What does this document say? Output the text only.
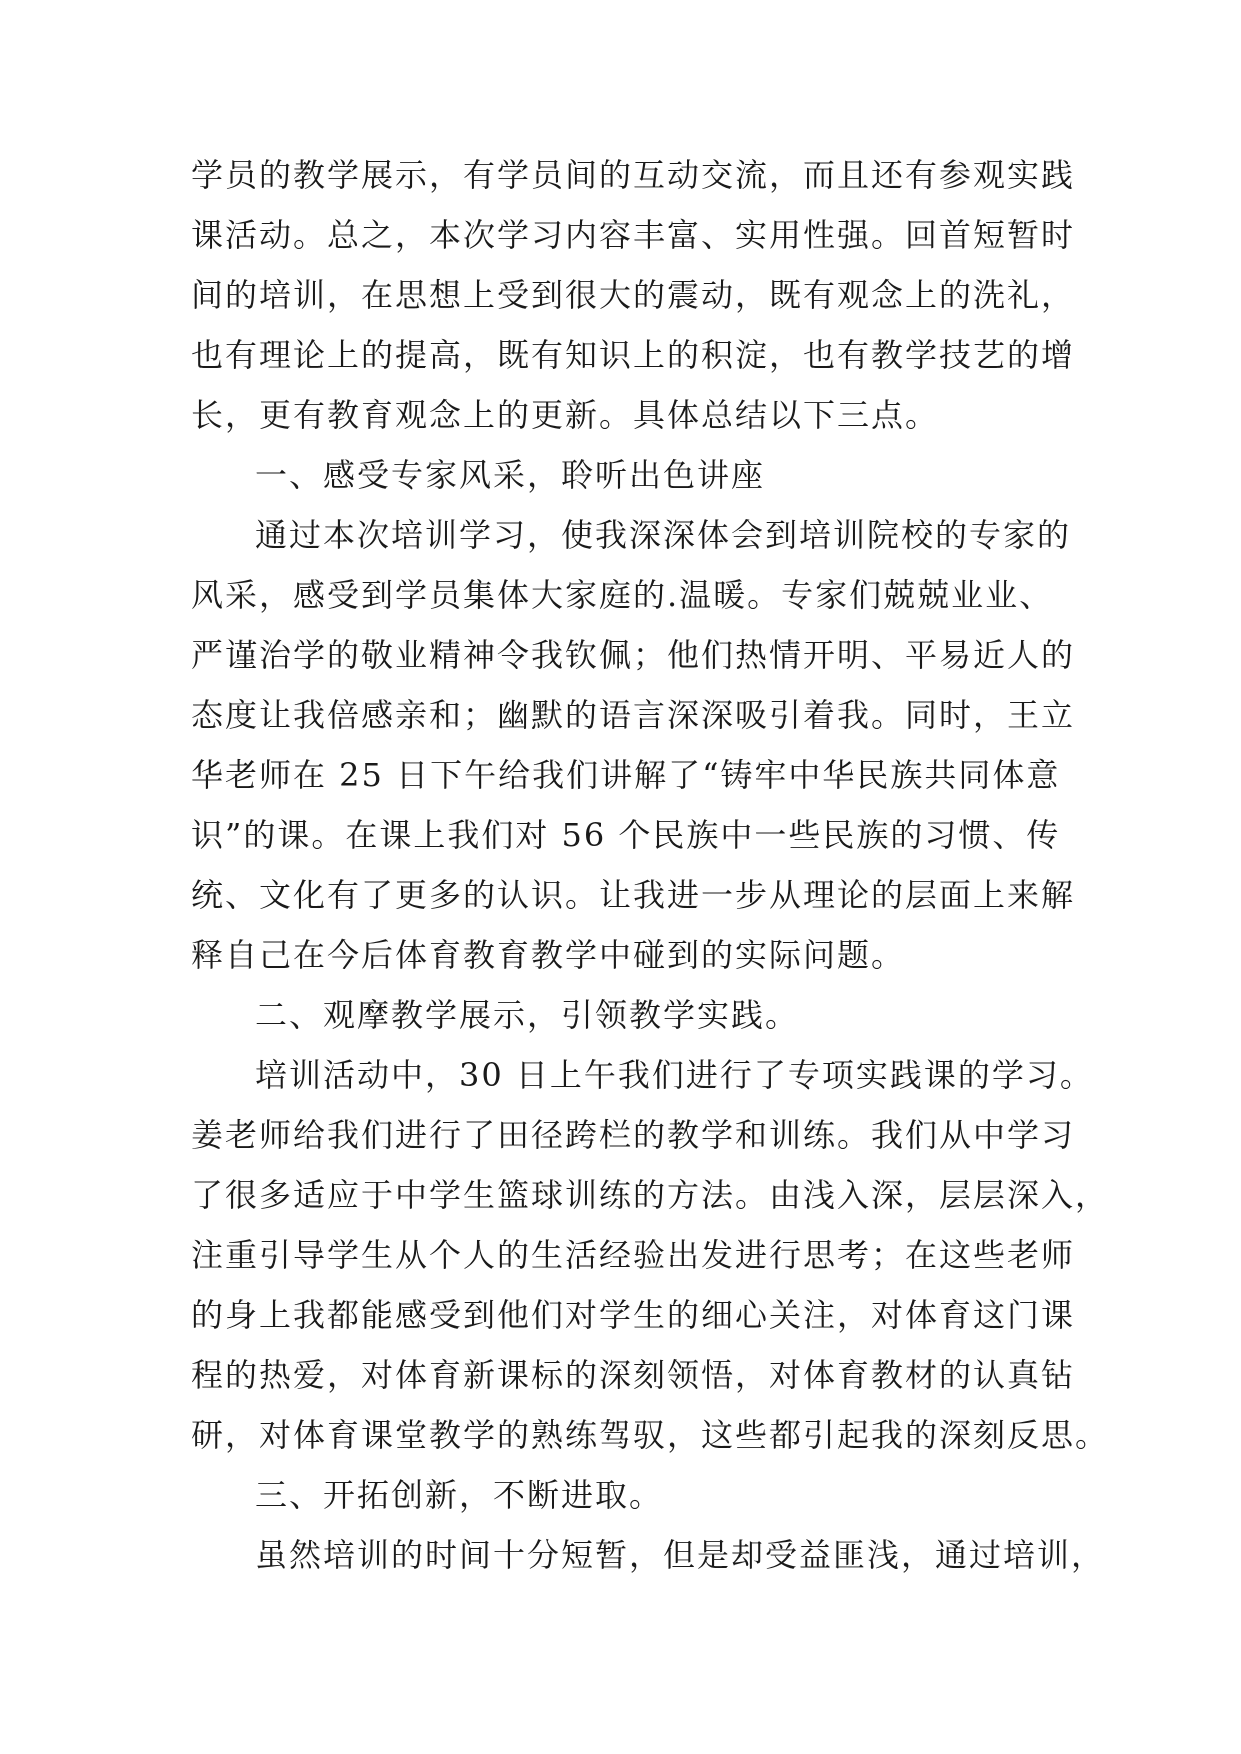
学员的教学展示，有学员间的互动交流，而且还有参观实践
课活动。总之，本次学习内容丰富、实用性强。回首短暂时
间的培训，在思想上受到很大的震动，既有观念上的洗礼，
也有理论上的提高，既有知识上的积淀，也有教学技艺的增
长，更有教育观念上的更新。具体总结以下三点。
一、感受专家风采，聆听出色讲座
通过本次培训学习，使我深深体会到培训院校的专家的
风采，感受到学员集体大家庭的.温暖。专家们兢兢业业、
严谨治学的敬业精神令我钦佩；他们热情开明、平易近人的
态度让我倍感亲和；幽默的语言深深吸引着我。同时，王立
华老师在 25 日下午给我们讲解了“铸牢中华民族共同体意
识”的课。在课上我们对 56 个民族中一些民族的习惯、传
统、文化有了更多的认识。让我进一步从理论的层面上来解
释自己在今后体育教育教学中碰到的实际问题。
二、观摩教学展示，引领教学实践。
培训活动中，30 日上午我们进行了专项实践课的学习。
姜老师给我们进行了田径跨栏的教学和训练。我们从中学习
了很多适应于中学生篮球训练的方法。由浅入深，层层深入，
注重引导学生从个人的生活经验出发进行思考；在这些老师
的身上我都能感受到他们对学生的细心关注，对体育这门课
程的热爱，对体育新课标的深刻领悟，对体育教材的认真钻
研，对体育课堂教学的熟练驾驭，这些都引起我的深刻反思。
三、开拓创新，不断进取。
虽然培训的时间十分短暂，但是却受益匪浅，通过培训，
